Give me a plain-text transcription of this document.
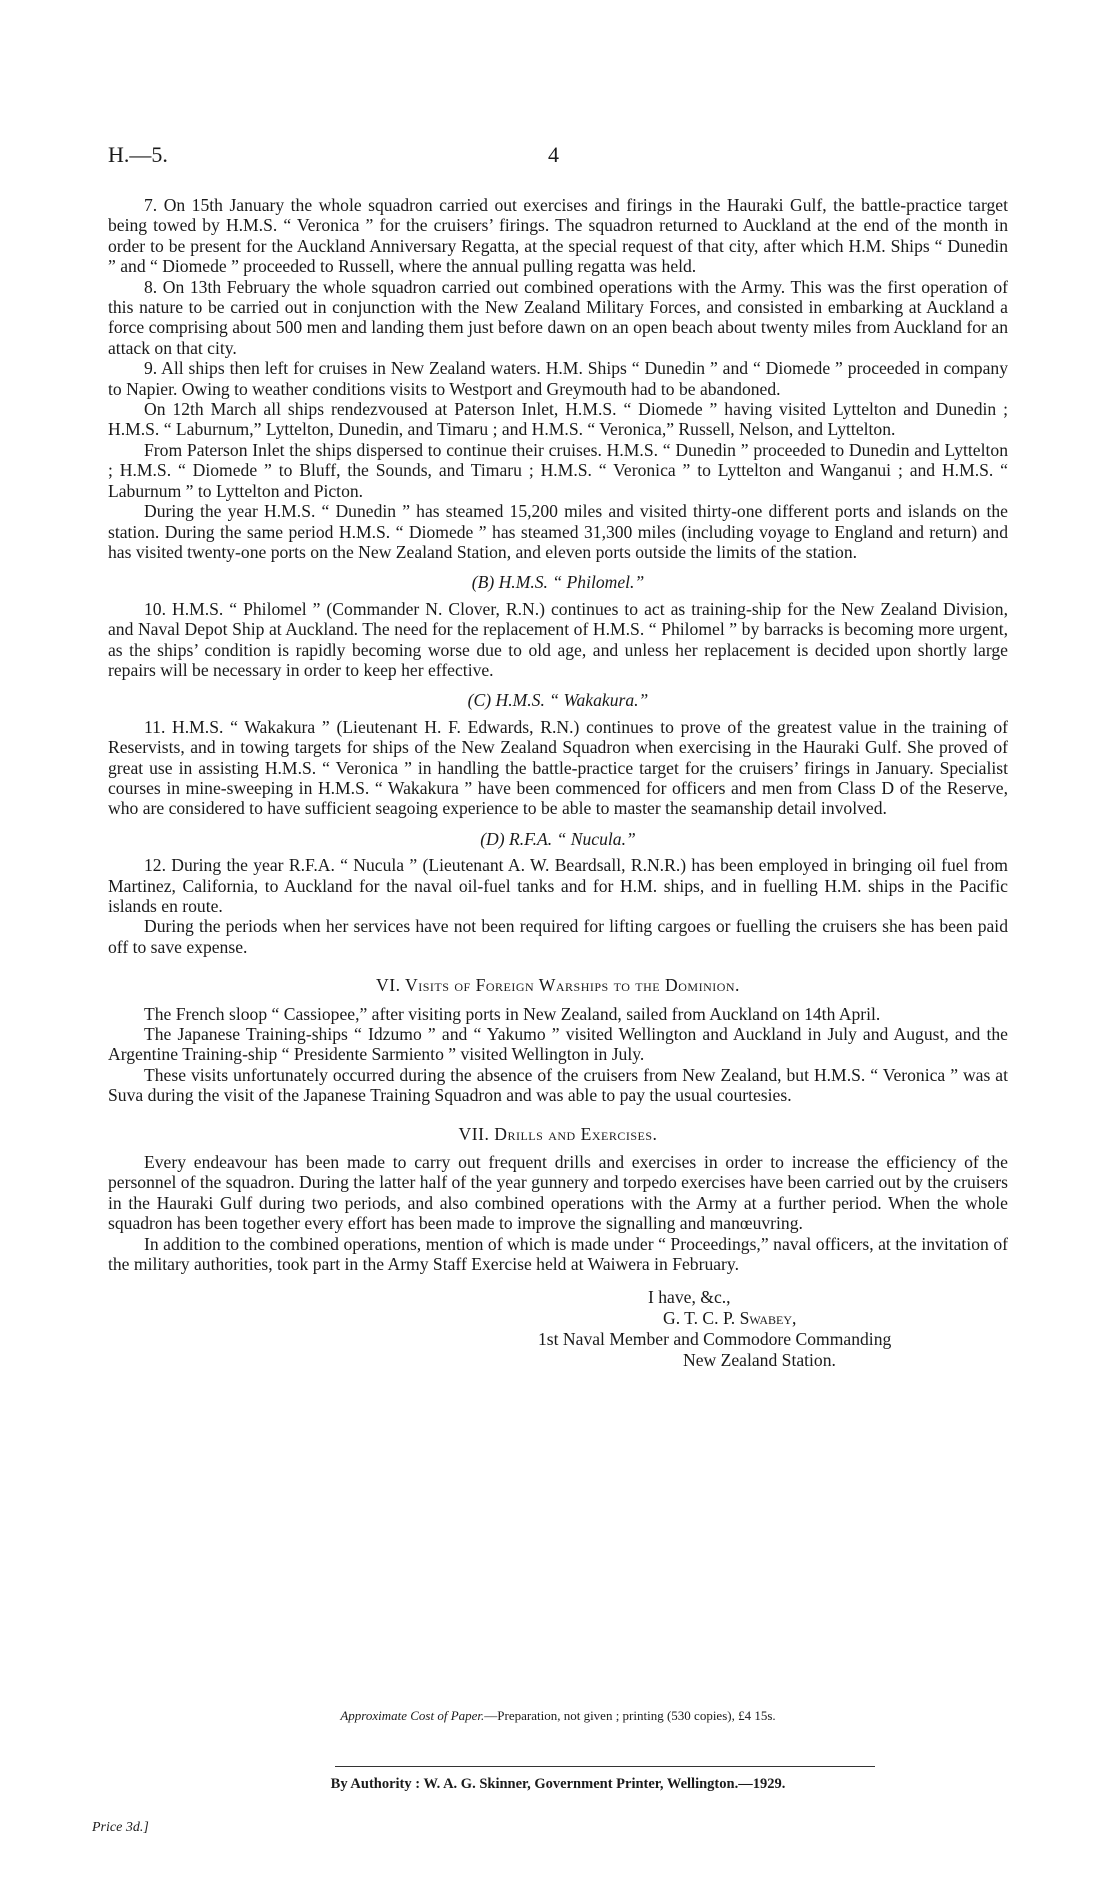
H.—5.	4

7. On 15th January the whole squadron carried out exercises and firings in the Hauraki Gulf, the battle-practice target being towed by H.M.S. “ Veronica ” for the cruisers’ firings. The squadron returned to Auckland at the end of the month in order to be present for the Auckland Anniversary Regatta, at the special request of that city, after which H.M. Ships “ Dunedin ” and “ Diomede ” proceeded to Russell, where the annual pulling regatta was held.

8. On 13th February the whole squadron carried out combined operations with the Army. This was the first operation of this nature to be carried out in conjunction with the New Zealand Military Forces, and consisted in embarking at Auckland a force comprising about 500 men and landing them just before dawn on an open beach about twenty miles from Auckland for an attack on that city.

9. All ships then left for cruises in New Zealand waters. H.M. Ships “ Dunedin ” and “ Diomede ” proceeded in company to Napier. Owing to weather conditions visits to Westport and Greymouth had to be abandoned.

On 12th March all ships rendezvoused at Paterson Inlet, H.M.S. “ Diomede ” having visited Lyttelton and Dunedin ; H.M.S. “ Laburnum,” Lyttelton, Dunedin, and Timaru ; and H.M.S. “ Veronica,” Russell, Nelson, and Lyttelton.

From Paterson Inlet the ships dispersed to continue their cruises. H.M.S. “ Dunedin ” proceeded to Dunedin and Lyttelton ; H.M.S. “ Diomede ” to Bluff, the Sounds, and Timaru ; H.M.S. “ Veronica ” to Lyttelton and Wanganui ; and H.M.S. “ Laburnum ” to Lyttelton and Picton.

During the year H.M.S. “ Dunedin ” has steamed 15,200 miles and visited thirty-one different ports and islands on the station. During the same period H.M.S. “ Diomede ” has steamed 31,300 miles (including voyage to England and return) and has visited twenty-one ports on the New Zealand Station, and eleven ports outside the limits of the station.

(B) H.M.S. “ Philomel.”

10. H.M.S. “ Philomel ” (Commander N. Clover, R.N.) continues to act as training-ship for the New Zealand Division, and Naval Depot Ship at Auckland. The need for the replacement of H.M.S. “ Philomel ” by barracks is becoming more urgent, as the ships’ condition is rapidly becoming worse due to old age, and unless her replacement is decided upon shortly large repairs will be necessary in order to keep her effective.

(C) H.M.S. “ Wakakura.”

11. H.M.S. “ Wakakura ” (Lieutenant H. F. Edwards, R.N.) continues to prove of the greatest value in the training of Reservists, and in towing targets for ships of the New Zealand Squadron when exercising in the Hauraki Gulf. She proved of great use in assisting H.M.S. “ Veronica ” in handling the battle-practice target for the cruisers’ firings in January. Specialist courses in mine-sweeping in H.M.S. “ Wakakura ” have been commenced for officers and men from Class D of the Reserve, who are considered to have sufficient seagoing experience to be able to master the seamanship detail involved.

(D) R.F.A. “ Nucula.”

12. During the year R.F.A. “ Nucula ” (Lieutenant A. W. Beardsall, R.N.R.) has been employed in bringing oil fuel from Martinez, California, to Auckland for the naval oil-fuel tanks and for H.M. ships, and in fuelling H.M. ships in the Pacific islands en route.

During the periods when her services have not been required for lifting cargoes or fuelling the cruisers she has been paid off to save expense.

VI. Visits of Foreign Warships to the Dominion.

The French sloop “ Cassiopee,” after visiting ports in New Zealand, sailed from Auckland on 14th April.

The Japanese Training-ships “ Idzumo ” and “ Yakumo ” visited Wellington and Auckland in July and August, and the Argentine Training-ship “ Presidente Sarmiento ” visited Wellington in July.

These visits unfortunately occurred during the absence of the cruisers from New Zealand, but H.M.S. “ Veronica ” was at Suva during the visit of the Japanese Training Squadron and was able to pay the usual courtesies.

VII. Drills and Exercises.

Every endeavour has been made to carry out frequent drills and exercises in order to increase the efficiency of the personnel of the squadron. During the latter half of the year gunnery and torpedo exercises have been carried out by the cruisers in the Hauraki Gulf during two periods, and also combined operations with the Army at a further period. When the whole squadron has been together every effort has been made to improve the signalling and manœuvring.

In addition to the combined operations, mention of which is made under “ Proceedings,” naval officers, at the invitation of the military authorities, took part in the Army Staff Exercise held at Waiwera in February.

I have, &c.,
G. T. C. P. Swabey,
1st Naval Member and Commodore Commanding
New Zealand Station.
Approximate Cost of Paper.—Preparation, not given ; printing (530 copies), £4 15s.
By Authority : W. A. G. Skinner, Government Printer, Wellington.—1929.
Price 3d.]
